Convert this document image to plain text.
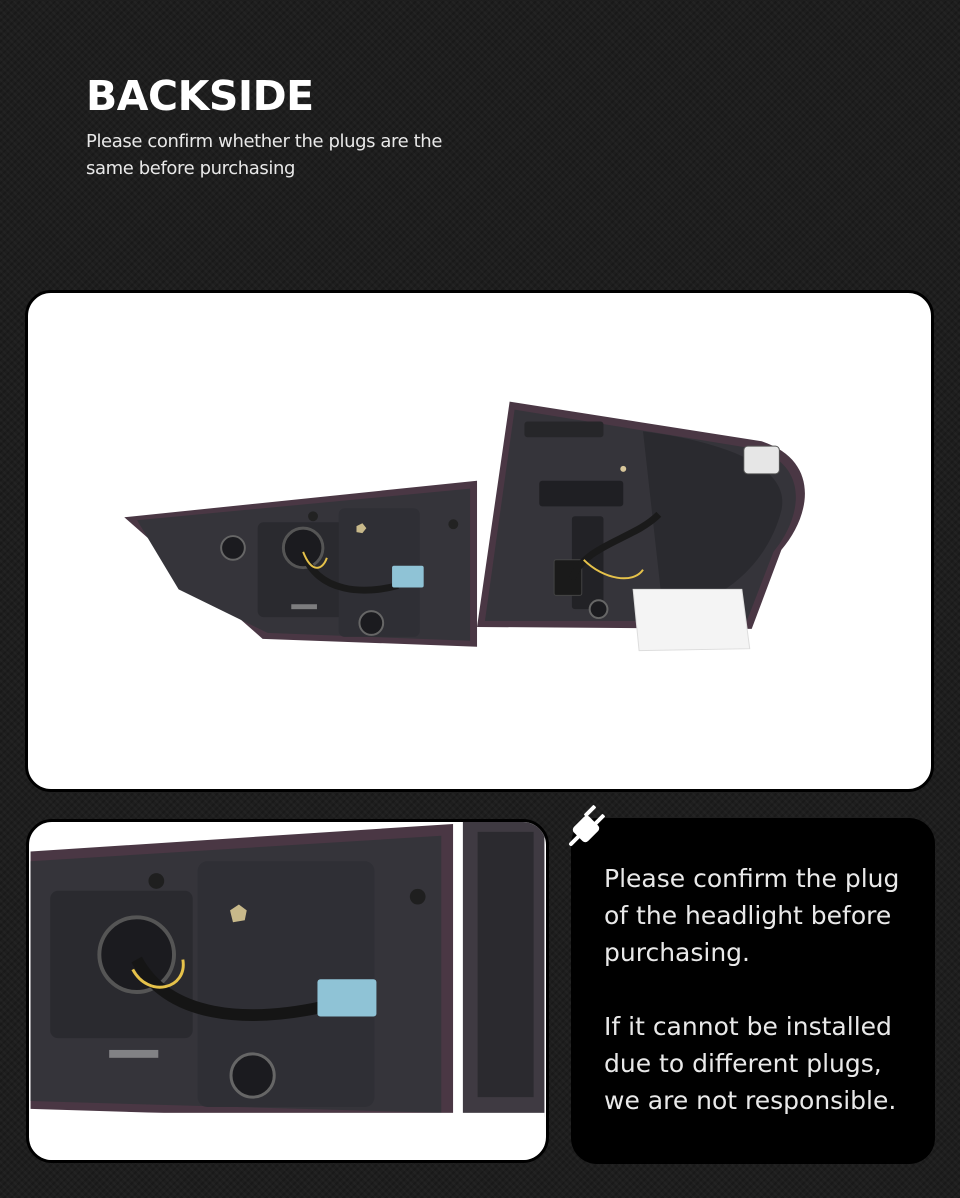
BACKSIDE

Please confirm whether the plugs are the same before purchasing

Please confirm the plug of the headlight before purchasing.

If it cannot be installed due to different plugs, we are not responsible.
